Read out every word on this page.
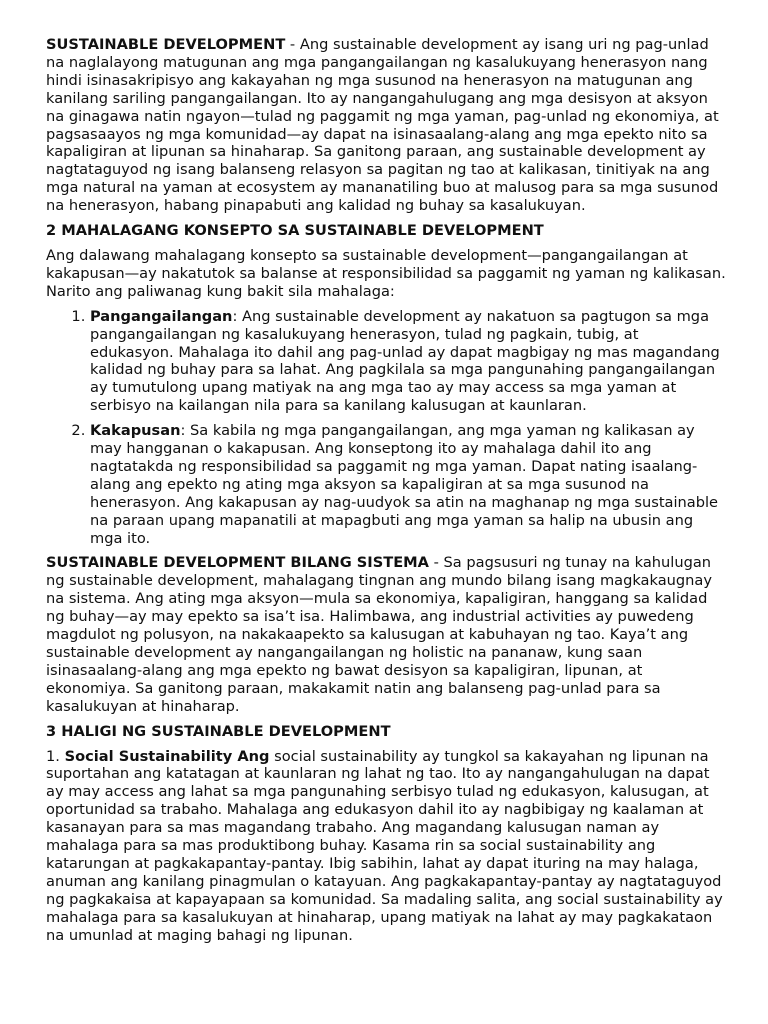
SUSTAINABLE DEVELOPMENT - Ang sustainable development ay isang uri ng pag-unlad na naglalayong matugunan ang mga pangangailangan ng kasalukuyang henerasyon nang hindi isinasakripisyo ang kakayahan ng mga susunod na henerasyon na matugunan ang kanilang sariling pangangailangan. Ito ay nangangahulugang ang mga desisyon at aksyon na ginagawa natin ngayon—tulad ng paggamit ng mga yaman, pag-unlad ng ekonomiya, at pagsasaayos ng mga komunidad—ay dapat na isinasaalang-alang ang mga epekto nito sa kapaligiran at lipunan sa hinaharap. Sa ganitong paraan, ang sustainable development ay nagtataguyod ng isang balanseng relasyon sa pagitan ng tao at kalikasan, tinitiyak na ang mga natural na yaman at ecosystem ay mananatiling buo at malusog para sa mga susunod na henerasyon, habang pinapabuti ang kalidad ng buhay sa kasalukuyan.

2 MAHALAGANG KONSEPTO SA SUSTAINABLE DEVELOPMENT

Ang dalawang mahalagang konsepto sa sustainable development—pangangailangan at kakapusan—ay nakatutok sa balanse at responsibilidad sa paggamit ng yaman ng kalikasan. Narito ang paliwanag kung bakit sila mahalaga:

1. Pangangailangan: Ang sustainable development ay nakatuon sa pagtugon sa mga pangangailangan ng kasalukuyang henerasyon, tulad ng pagkain, tubig, at edukasyon. Mahalaga ito dahil ang pag-unlad ay dapat magbigay ng mas magandang kalidad ng buhay para sa lahat. Ang pagkilala sa mga pangunahing pangangailangan ay tumutulong upang matiyak na ang mga tao ay may access sa mga yaman at serbisyo na kailangan nila para sa kanilang kalusugan at kaunlaran.
2. Kakapusan: Sa kabila ng mga pangangailangan, ang mga yaman ng kalikasan ay may hangganan o kakapusan. Ang konseptong ito ay mahalaga dahil ito ang nagtatakda ng responsibilidad sa paggamit ng mga yaman. Dapat nating isaalang-alang ang epekto ng ating mga aksyon sa kapaligiran at sa mga susunod na henerasyon. Ang kakapusan ay nag-uudyok sa atin na maghanap ng mga sustainable na paraan upang mapanatili at mapagbuti ang mga yaman sa halip na ubusin ang mga ito.

SUSTAINABLE DEVELOPMENT BILANG SISTEMA - Sa pagsusuri ng tunay na kahulugan ng sustainable development, mahalagang tingnan ang mundo bilang isang magkakaugnay na sistema. Ang ating mga aksyon—mula sa ekonomiya, kapaligiran, hanggang sa kalidad ng buhay—ay may epekto sa isa’t isa. Halimbawa, ang industrial activities ay puwedeng magdulot ng polusyon, na nakakaapekto sa kalusugan at kabuhayan ng tao. Kaya’t ang sustainable development ay nangangailangan ng holistic na pananaw, kung saan isinasaalang-alang ang mga epekto ng bawat desisyon sa kapaligiran, lipunan, at ekonomiya. Sa ganitong paraan, makakamit natin ang balanseng pag-unlad para sa kasalukuyan at hinaharap.

3 HALIGI NG SUSTAINABLE DEVELOPMENT

1. Social Sustainability Ang social sustainability ay tungkol sa kakayahan ng lipunan na suportahan ang katatagan at kaunlaran ng lahat ng tao. Ito ay nangangahulugan na dapat ay may access ang lahat sa mga pangunahing serbisyo tulad ng edukasyon, kalusugan, at oportunidad sa trabaho. Mahalaga ang edukasyon dahil ito ay nagbibigay ng kaalaman at kasanayan para sa mas magandang trabaho. Ang magandang kalusugan naman ay mahalaga para sa mas produktibong buhay. Kasama rin sa social sustainability ang katarungan at pagkakapantay-pantay. Ibig sabihin, lahat ay dapat ituring na may halaga, anuman ang kanilang pinagmulan o katayuan. Ang pagkakapantay-pantay ay nagtataguyod ng pagkakaisa at kapayapaan sa komunidad. Sa madaling salita, ang social sustainability ay mahalaga para sa kasalukuyan at hinaharap, upang matiyak na lahat ay may pagkakataon na umunlad at maging bahagi ng lipunan.
